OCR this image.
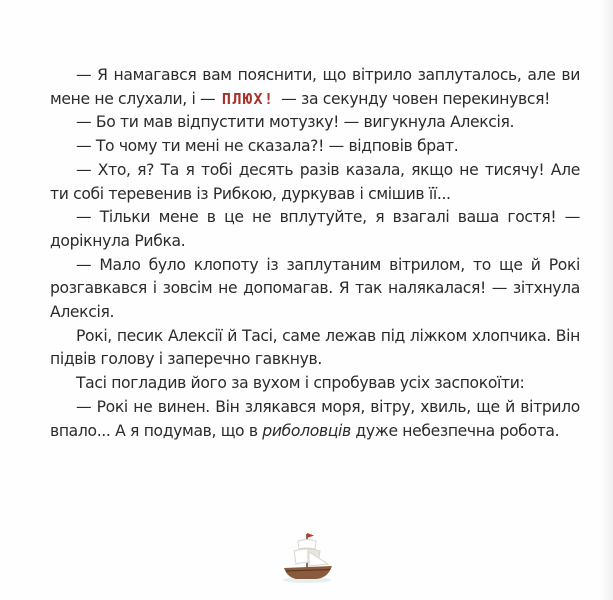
— Я намагався вам пояснити, що вітрило заплуталось, але ви мене не слухали, і — ПЛЮХ! — за секунду човен перекинувся!

— Бо ти мав відпустити мотузку! — вигукнула Алексія.

— То чому ти мені не сказала?! — відповів брат.

— Хто, я? Та я тобі десять разів казала, якщо не тисячу! Але ти собі теревенив із Рибкою, дуркував і смішив її...

— Тільки мене в це не вплутуйте, я взагалі ваша гостя! — дорікнула Рибка.

— Мало було клопоту із заплутаним вітрилом, то ще й Рокі розгавкався і зовсім не допомагав. Я так налякалася! — зітхнула Алексія.

Рокі, песик Алексії й Тасі, саме лежав під ліжком хлопчика. Він підвів голову і заперечно гавкнув.

Тасі погладив його за вухом і спробував усіх заспокоїти:

— Рокі не винен. Він злякався моря, вітру, хвиль, ще й вітрило впало... А я подумав, що в риболовців дуже небезпечна робота.
